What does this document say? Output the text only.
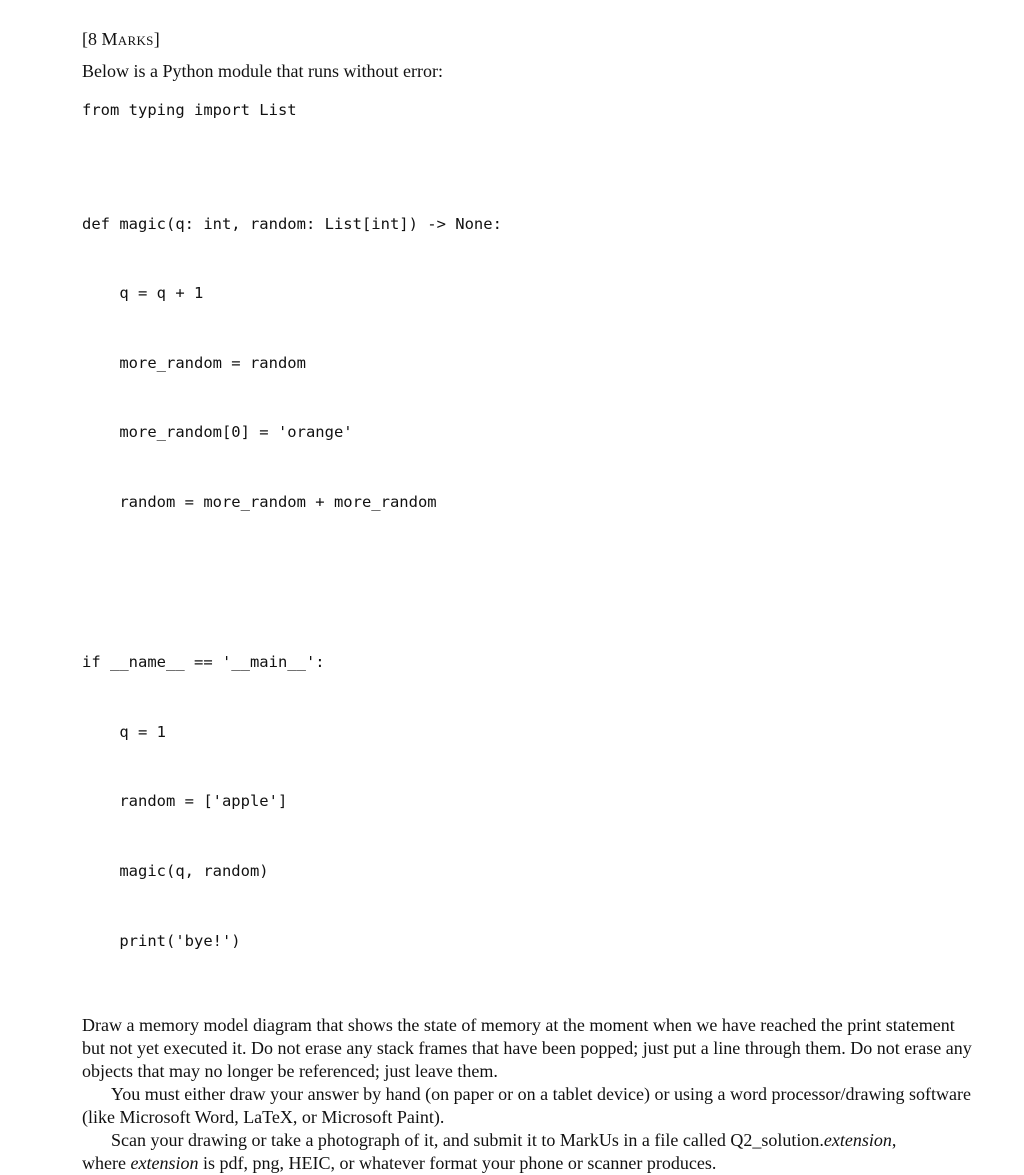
[8 Marks]

Below is a Python module that runs without error:

from typing import List

def magic(q: int, random: List[int]) -> None:

q = q + 1

more_random = random

more_random[0] = 'orange'

random = more_random + more_random

if __name__ == '__main__':

q = 1

random = ['apple']

magic(q, random)

print('bye!')

Draw a memory model diagram that shows the state of memory at the moment when we have reached the print statement but not yet executed it. Do not erase any stack frames that have been popped; just put a line through them. Do not erase any objects that may no longer be referenced; just leave them.

You must either draw your answer by hand (on paper or on a tablet device) or using a word processor/drawing software (like Microsoft Word, LaTeX, or Microsoft Paint).

Scan your drawing or take a photograph of it, and submit it to MarkUs in a file called Q2_solution.extension,
where extension is pdf, png, HEIC, or whatever format your phone or scanner produces.
